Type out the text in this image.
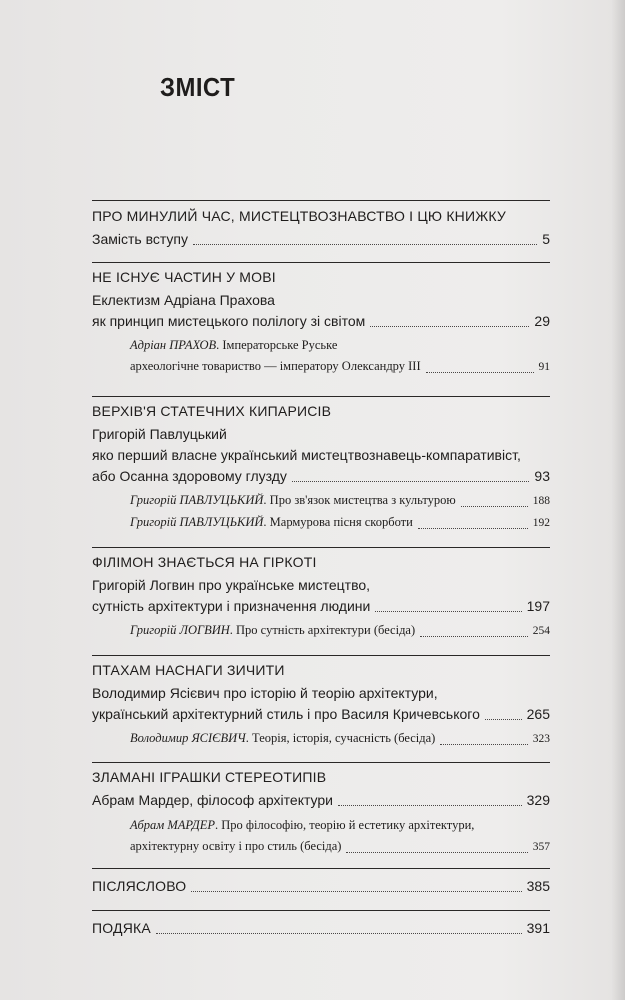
ЗМІСТ
ПРО МИНУЛИЙ ЧАС, МИСТЕЦТВОЗНАВСТВО І ЦЮ КНИЖКУ
Замість вступу	5
НЕ ІСНУЄ ЧАСТИН У МОВІ
Еклектизм Адріана Прахова
як принцип мистецького полілогу зі світом	29
Адріан ПРАХОВ. Імператорське Руське
археологічне товариство — імператору Олександру ІІІ	91
ВЕРХІВ'Я СТАТЕЧНИХ КИПАРИСІВ
Григорій Павлуцький
яко перший власне український мистецтвознавець-компаративіст,
або Осанна здоровому глузду	93
Григорій ПАВЛУЦЬКИЙ. Про зв'язок мистецтва з культурою	188
Григорій ПАВЛУЦЬКИЙ. Мармурова пісня скорботи	192
ФІЛІМОН ЗНАЄТЬСЯ НА ГІРКОТІ
Григорій Логвин про українське мистецтво,
сутність архітектури і призначення людини	197
Григорій ЛОГВИН. Про сутність архітектури (бесіда)	254
ПТАХАМ НАСНАГИ ЗИЧИТИ
Володимир Ясієвич про історію й теорію архітектури,
український архітектурний стиль і про Василя Кричевського	265
Володимир ЯСІЄВИЧ. Теорія, історія, сучасність (бесіда)	323
ЗЛАМАНІ ІГРАШКИ СТЕРЕОТИПІВ
Абрам Мардер, філософ архітектури	329
Абрам МАРДЕР. Про філософію, теорію й естетику архітектури,
архітектурну освіту і про стиль (бесіда)	357
ПІСЛЯСЛОВО	385
ПОДЯКА	391
